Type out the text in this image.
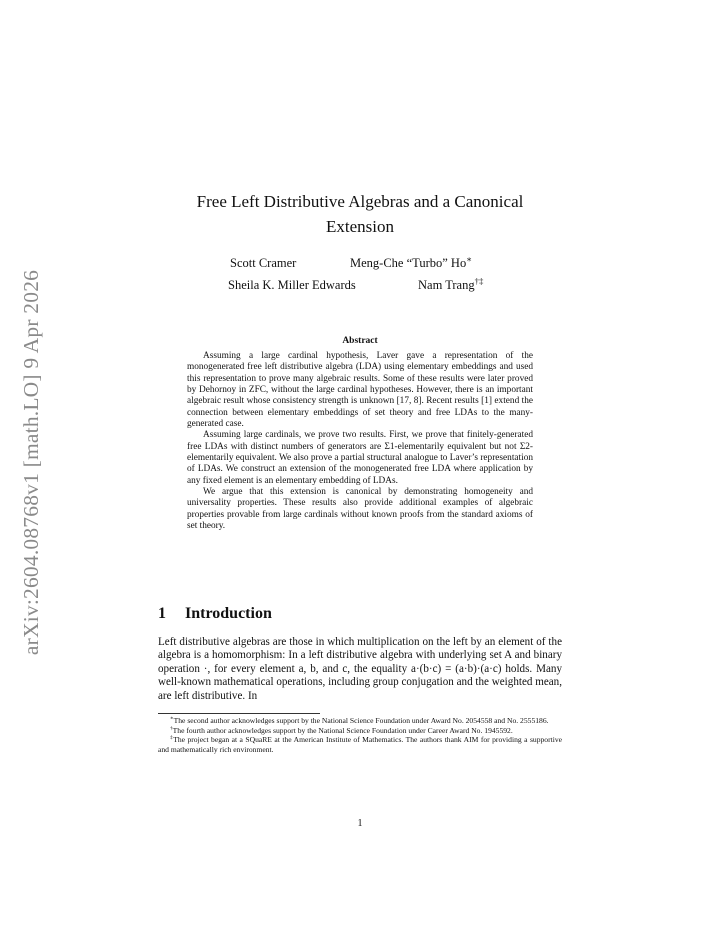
arXiv:2604.08768v1 [math.LO] 9 Apr 2026
Free Left Distributive Algebras and a Canonical
Extension
Scott Cramer	Meng-Che “Turbo” Ho∗
Sheila K. Miller Edwards	Nam Trang†‡
Abstract

Assuming a large cardinal hypothesis, Laver gave a representation of the monogenerated free left distributive algebra (LDA) using elementary embeddings and used this representation to prove many algebraic results. Some of these results were later proved by Dehornoy in ZFC, without the large cardinal hypotheses. However, there is an important algebraic result whose consistency strength is unknown [17, 8]. Recent results [1] extend the connection between elementary embeddings of set theory and free LDAs to the many-generated case.

Assuming large cardinals, we prove two results. First, we prove that finitely-generated free LDAs with distinct numbers of generators are Σ1-elementarily equivalent but not Σ2-elementarily equivalent. We also prove a partial structural analogue to Laver’s representation of LDAs. We construct an extension of the monogenerated free LDA where application by any fixed element is an elementary embedding of LDAs.

We argue that this extension is canonical by demonstrating homogeneity and universality properties. These results also provide additional examples of algebraic properties provable from large cardinals without known proofs from the standard axioms of set theory.

1 Introduction

Left distributive algebras are those in which multiplication on the left by an element of the algebra is a homomorphism: In a left distributive algebra with underlying set A and binary operation ·, for every element a, b, and c, the equality a·(b·c) = (a·b)·(a·c) holds. Many well-known mathematical operations, including group conjugation and the weighted mean, are left distributive. In

∗The second author acknowledges support by the National Science Foundation under Award No. 2054558 and No. 2555186.

†The fourth author acknowledges support by the National Science Foundation under Career Award No. 1945592.

‡The project began at a SQuaRE at the American Institute of Mathematics. The authors thank AIM for providing a supportive and mathematically rich environment.

1
